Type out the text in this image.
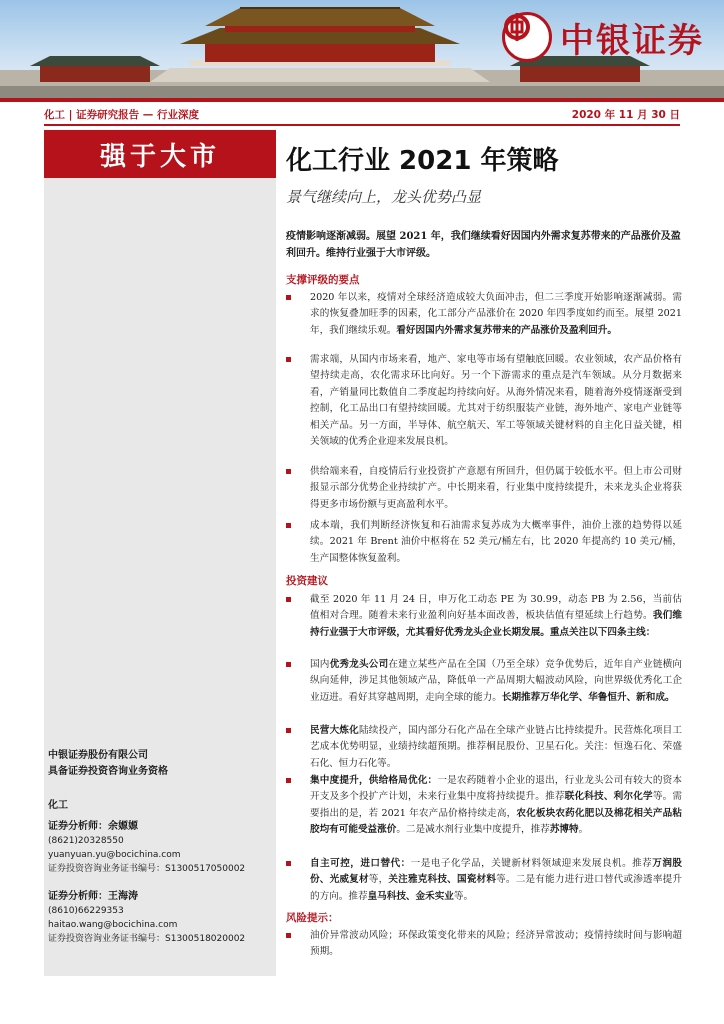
中银证券
化工 | 证券研究报告 — 行业深度	2020 年 11 月 30 日
强于大市
中银证券股份有限公司
具备证券投资咨询业务资格
化工
证券分析师：余嫄嫄
(8621)20328550
yuanyuan.yu@bocichina.com
证券投资咨询业务证书编号：S1300517050002
证券分析师：王海涛
(8610)66229353
haitao.wang@bocichina.com
证券投资咨询业务证书编号：S1300518020002
化工行业 2021 年策略
景气继续向上，龙头优势凸显
疫情影响逐渐减弱。展望 2021 年，我们继续看好因国内外需求复苏带来的产品涨价及盈利回升。维持行业强于大市评级。
支撑评级的要点
2020 年以来，疫情对全球经济造成较大负面冲击，但二三季度开始影响逐渐减弱。需求的恢复叠加旺季的因素，化工部分产品涨价在 2020 年四季度如约而至。展望 2021 年，我们继续乐观。看好因国内外需求复苏带来的产品涨价及盈利回升。
需求端，从国内市场来看，地产、家电等市场有望触底回暖。农业领域，农产品价格有望持续走高，农化需求环比向好。另一个下游需求的重点是汽车领域。从分月数据来看，产销量同比数值自二季度起均持续向好。从海外情况来看，随着海外疫情逐渐受到控制，化工品出口有望持续回暖。尤其对于纺织服装产业链，海外地产、家电产业链等相关产品。另一方面，半导体、航空航天、军工等领域关键材料的自主化日益关键，相关领域的优秀企业迎来发展良机。
供给端来看，自疫情后行业投资扩产意愿有所回升，但仍属于较低水平。但上市公司财报显示部分优势企业持续扩产。中长期来看，行业集中度持续提升，未来龙头企业将获得更多市场份额与更高盈利水平。
成本端，我们判断经济恢复和石油需求复苏成为大概率事件，油价上涨的趋势得以延续。2021 年 Brent 油价中枢将在 52 美元/桶左右，比 2020 年提高约 10 美元/桶，生产国整体恢复盈利。
投资建议
截至 2020 年 11 月 24 日，申万化工动态 PE 为 30.99，动态 PB 为 2.56，当前估值相对合理。随着未来行业盈利向好基本面改善，板块估值有望延续上行趋势。我们维持行业强于大市评级，尤其看好优秀龙头企业长期发展。重点关注以下四条主线：
国内优秀龙头公司在建立某些产品在全国（乃至全球）竞争优势后，近年自产业链横向纵向延伸，涉足其他领域产品，降低单一产品周期大幅波动风险，向世界级优秀化工企业迈进。看好其穿越周期，走向全球的能力。长期推荐万华化学、华鲁恒升、新和成。
民营大炼化陆续投产，国内部分石化产品在全球产业链占比持续提升。民营炼化项目工艺成本优势明显，业绩持续超预期。推荐桐昆股份、卫星石化。关注：恒逸石化、荣盛石化、恒力石化等。
集中度提升，供给格局优化：一是农药随着小企业的退出，行业龙头公司有较大的资本开支及多个投扩产计划，未来行业集中度将持续提升。推荐联化科技、利尔化学等。需要指出的是，若 2021 年农产品价格持续走高，农化板块农药化肥以及棉花相关产品粘胶均有可能受益涨价。二是减水剂行业集中度提升，推荐苏博特。
自主可控，进口替代：一是电子化学品，关键新材料领域迎来发展良机。推荐万润股份、光威复材等，关注雅克科技、国瓷材料等。二是有能力进行进口替代或渗透率提升的方向。推荐皇马科技、金禾实业等。
风险提示：
油价异常波动风险；环保政策变化带来的风险；经济异常波动；疫情持续时间与影响超预期。
